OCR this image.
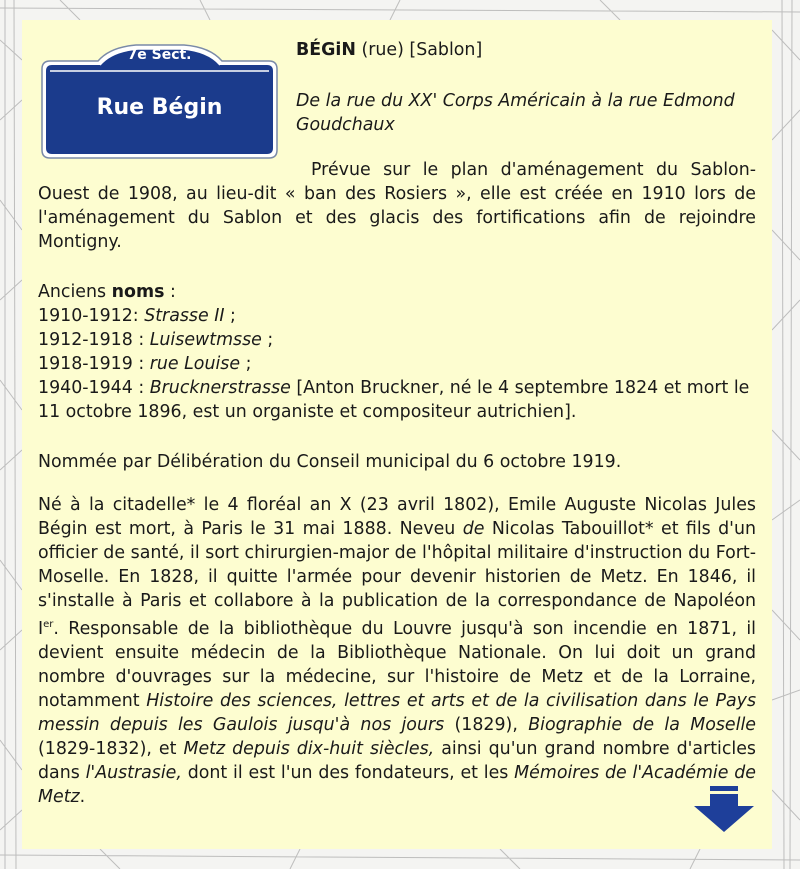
7e Sect.
Rue Bégin
BÉGiN (rue) [Sablon]
De la rue du XX' Corps Américain à la rue Edmond Goudchaux
Prévue sur le plan d'aménagement du Sablon-Ouest de 1908, au lieu-dit « ban des Rosiers », elle est créée en 1910 lors de l'aménagement du Sablon et des glacis des fortifications afin de rejoindre Montigny.
Anciens noms :
1910-1912: Strasse II ;
1912-1918 : Luisewtmsse ;
1918-1919 : rue Louise ;
1940-1944 : Brucknerstrasse [Anton Bruckner, né le 4 septembre 1824 et mort le 11 octobre 1896, est un organiste et compositeur autrichien].
Nommée par Délibération du Conseil municipal du 6 octobre 1919.
Né à la citadelle* le 4 floréal an X (23 avril 1802), Emile Auguste Nicolas Jules Bégin est mort, à Paris le 31 mai 1888. Neveu de Nicolas Tabouillot* et fils d'un officier de santé, il sort chirurgien-major de l'hôpital militaire d'instruction du Fort-Moselle. En 1828, il quitte l'armée pour devenir historien de Metz. En 1846, il s'installe à Paris et collabore à la publication de la correspondance de Napoléon Ier. Responsable de la bibliothèque du Louvre jusqu'à son incendie en 1871, il devient ensuite médecin de la Bibliothèque Nationale. On lui doit un grand nombre d'ouvrages sur la médecine, sur l'histoire de Metz et de la Lorraine, notamment Histoire des sciences, lettres et arts et de la civilisation dans le Pays messin depuis les Gaulois jusqu'à nos jours (1829), Biographie de la Moselle (1829-1832), et Metz depuis dix-huit siècles, ainsi qu'un grand nombre d'articles dans l'Austrasie, dont il est l'un des fondateurs, et les Mémoires de l'Académie de Metz.
